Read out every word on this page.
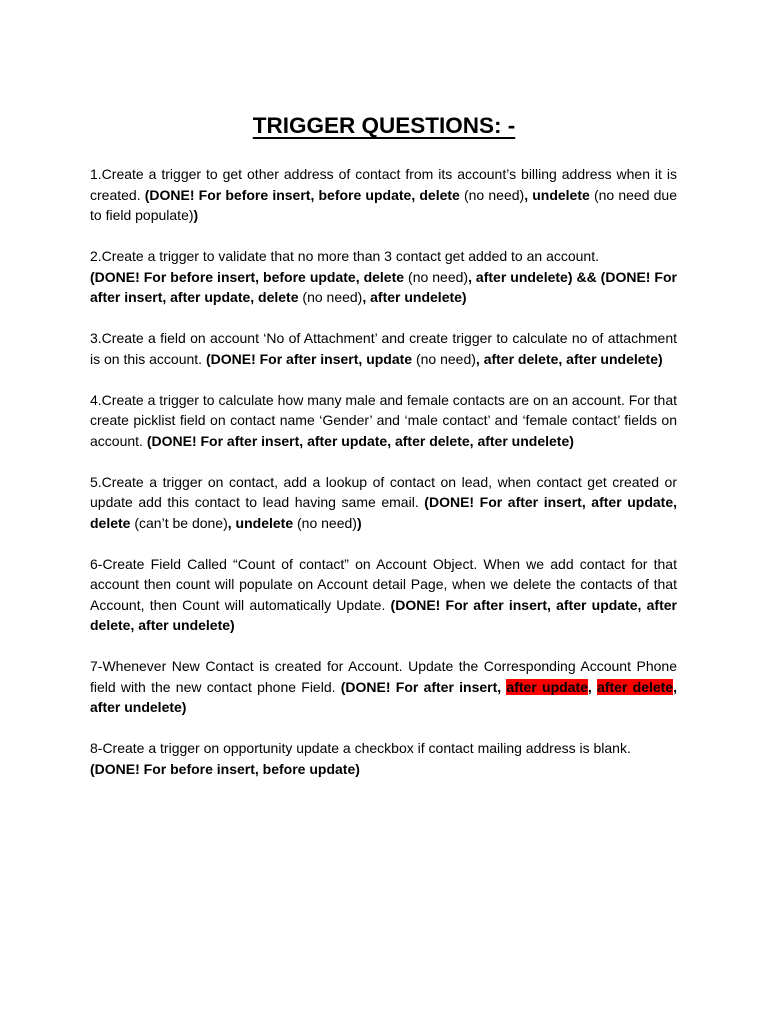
TRIGGER QUESTIONS: -

1.Create a trigger to get other address of contact from its account’s billing address when it is created. (DONE! For before insert, before update, delete (no need), undelete (no need due to field populate))

2.Create a trigger to validate that no more than 3 contact get added to an account.
(DONE! For before insert, before update, delete (no need), after undelete) && (DONE! For after insert, after update, delete (no need), after undelete)

3.Create a field on account ‘No of Attachment’ and create trigger to calculate no of attachment is on this account. (DONE! For after insert, update (no need), after delete, after undelete)

4.Create a trigger to calculate how many male and female contacts are on an account. For that create picklist field on contact name ‘Gender’ and ‘male contact’ and ‘female contact’ fields on account. (DONE! For after insert, after update, after delete, after undelete)

5.Create a trigger on contact, add a lookup of contact on lead, when contact get created or update add this contact to lead having same email. (DONE! For after insert, after update, delete (can’t be done), undelete (no need))

6-Create Field Called “Count of contact” on Account Object. When we add contact for that account then count will populate on Account detail Page, when we delete the contacts of that Account, then Count will automatically Update. (DONE! For after insert, after update, after delete, after undelete)

7-Whenever New Contact is created for Account. Update the Corresponding Account Phone field with the new contact phone Field. (DONE! For after insert, after update, after delete, after undelete)

8-Create a trigger on opportunity update a checkbox if contact mailing address is blank.
(DONE! For before insert, before update)
